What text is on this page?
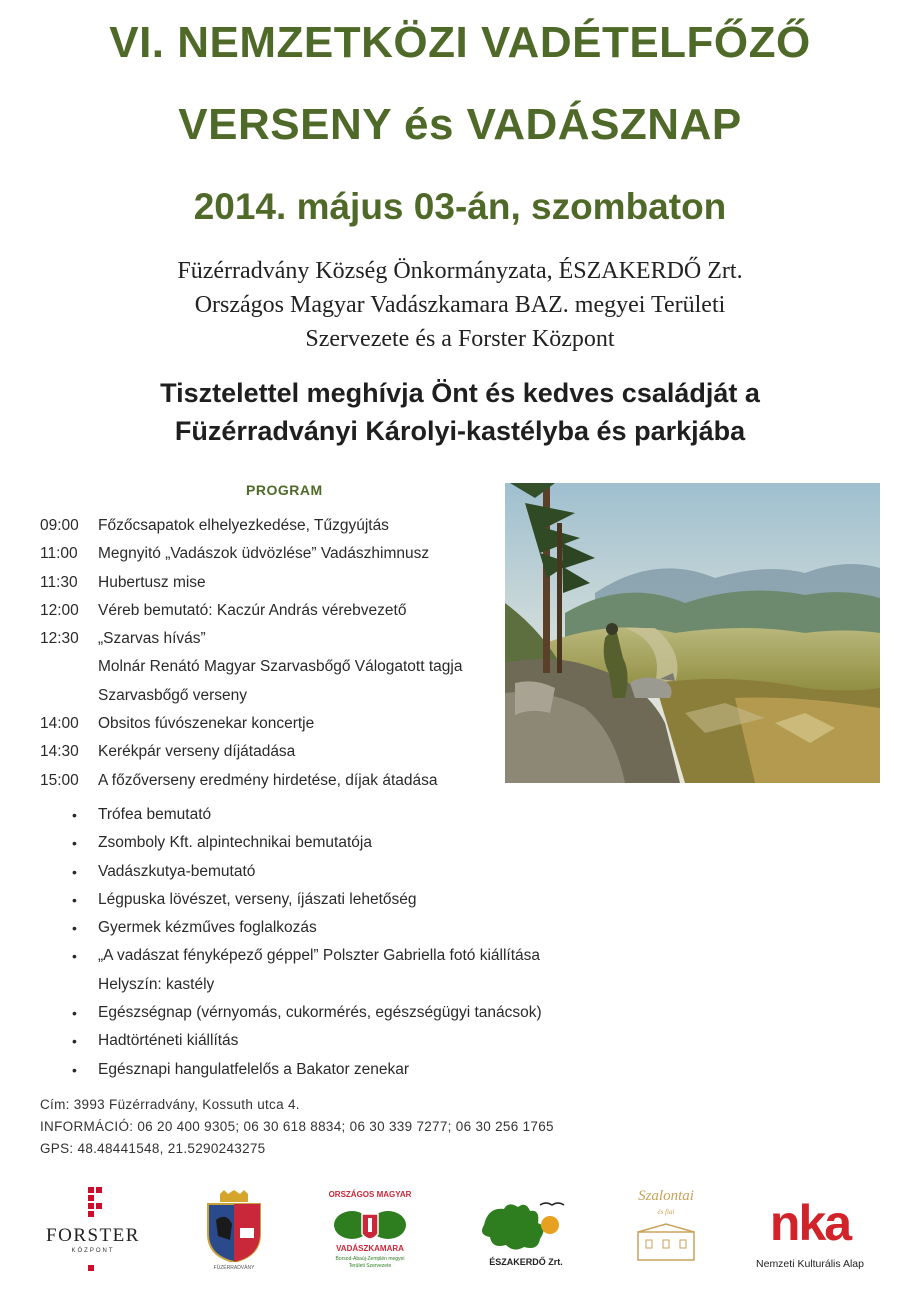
VI. NEMZETKÖZI VADÉTELFŐZŐ
VERSENY és VADÁSZNAP
2014. május 03-án, szombaton
Füzérradvány Község Önkormányzata, ÉSZAKERDŐ Zrt.
Országos Magyar Vadászkamara BAZ. megyei Területi
Szervezete és a Forster Központ
Tisztelettel meghívja Önt és kedves családját a
Füzérradványi Károlyi-kastélyba és parkjába
PROGRAM
09:00	Főzőcsapatok elhelyezkedése, Tűzgyújtás
11:00	Megnyitó „Vadászok üdvözlése” Vadászhimnusz
11:30	Hubertusz mise
12:00	Véreb bemutató: Kaczúr András vérebvezető
12:30	„Szarvas hívás”
Molnár Renátó Magyar Szarvasbőgő Válogatott tagja
Szarvasbőgő verseny
14:00	Obsitos fúvószenekar koncertje
14:30	Kerékpár verseny díjátadása
15:00	A főzőverseny eredmény hirdetése, díjak átadása
•	Trófea bemutató
•	Zsomboly Kft. alpintechnikai bemutatója
•	Vadászkutya-bemutató
•	Légpuska lövészet, verseny, íjászati lehetőség
•	Gyermek kézműves foglalkozás
•	„A vadászat fényképező géppel” Polszter Gabriella fotó kiállítása
Helyszín: kastély
•	Egészségnap (vérnyomás, cukormérés, egészségügyi tanácsok)
•	Hadtörténeti kiállítás
•	Egésznapi hangulatfelelős a Bakator zenekar
Cím: 3993 Füzérradvány, Kossuth utca 4.
INFORMÁCIÓ: 06 20 400 9305; 06 30 618 8834; 06 30 339 7277; 06 30 256 1765
GPS: 48.48441548, 21.5290243275
FORSTER
KÖZPONT
FÜZÉRRADVÁNY
ORSZÁGOS MAGYAR
VADÁSZKAMARA
Borsod-Abaúj-Zemplén megyei
Területi Szervezete	ÉSZAKERDŐ Zrt.
Szalontai
és fiai	nka
Nemzeti Kulturális Alap
